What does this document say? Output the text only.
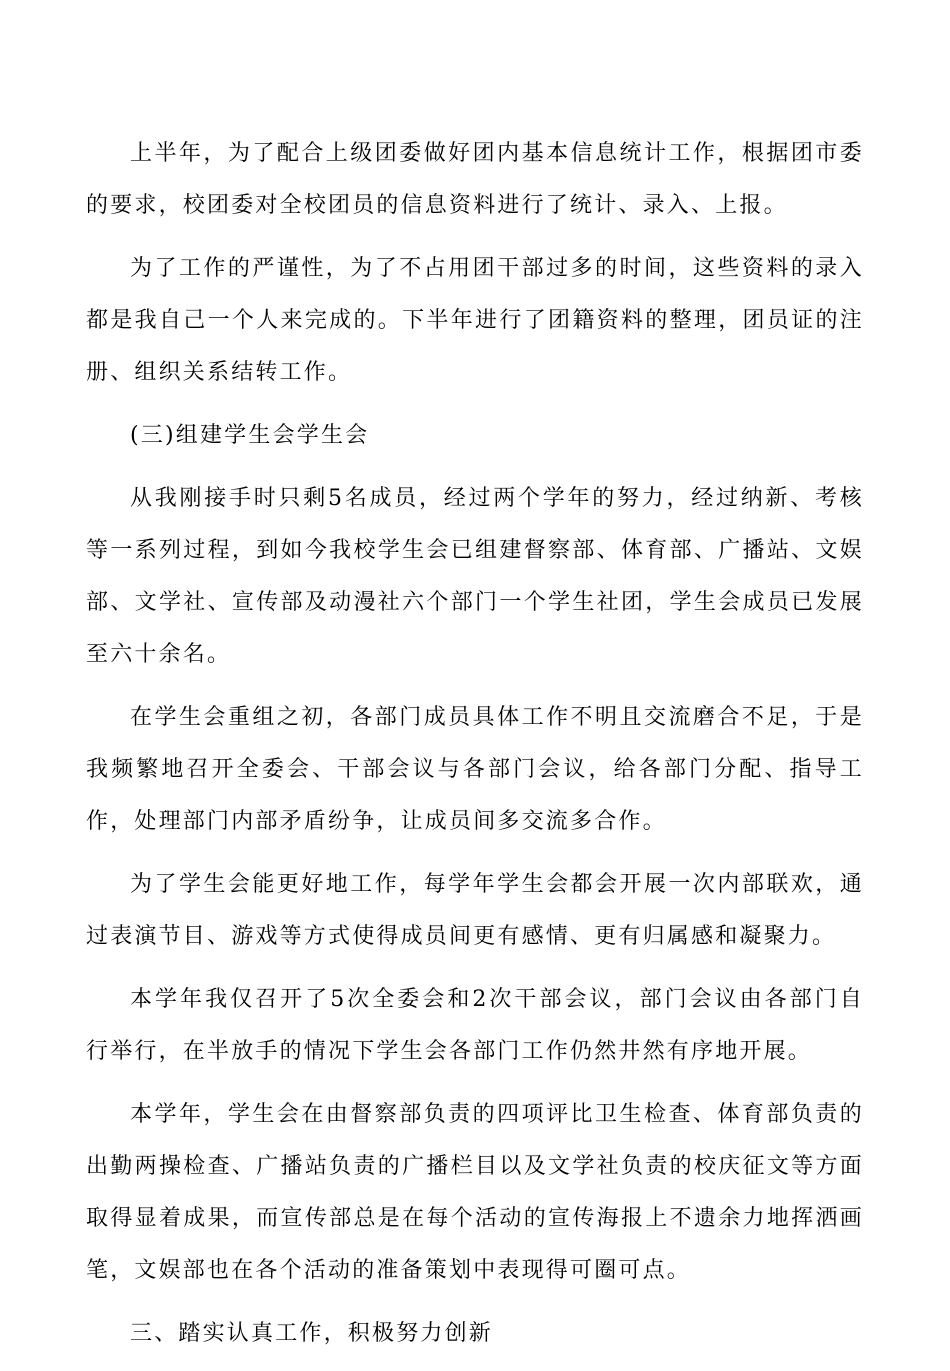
上半年，为了配合上级团委做好团内基本信息统计工作，根据团市委的要求，校团委对全校团员的信息资料进行了统计、录入、上报。

为了工作的严谨性，为了不占用团干部过多的时间，这些资料的录入都是我自己一个人来完成的。下半年进行了团籍资料的整理，团员证的注册、组织关系结转工作。

(三)组建学生会学生会

从我刚接手时只剩5名成员，经过两个学年的努力，经过纳新、考核等一系列过程，到如今我校学生会已组建督察部、体育部、广播站、文娱部、文学社、宣传部及动漫社六个部门一个学生社团，学生会成员已发展至六十余名。

在学生会重组之初，各部门成员具体工作不明且交流磨合不足，于是我频繁地召开全委会、干部会议与各部门会议，给各部门分配、指导工作，处理部门内部矛盾纷争，让成员间多交流多合作。

为了学生会能更好地工作，每学年学生会都会开展一次内部联欢，通过表演节目、游戏等方式使得成员间更有感情、更有归属感和凝聚力。

本学年我仅召开了5次全委会和2次干部会议，部门会议由各部门自行举行，在半放手的情况下学生会各部门工作仍然井然有序地开展。

本学年，学生会在由督察部负责的四项评比卫生检查、体育部负责的出勤两操检查、广播站负责的广播栏目以及文学社负责的校庆征文等方面取得显着成果，而宣传部总是在每个活动的宣传海报上不遗余力地挥洒画笔，文娱部也在各个活动的准备策划中表现得可圈可点。

三、踏实认真工作，积极努力创新
